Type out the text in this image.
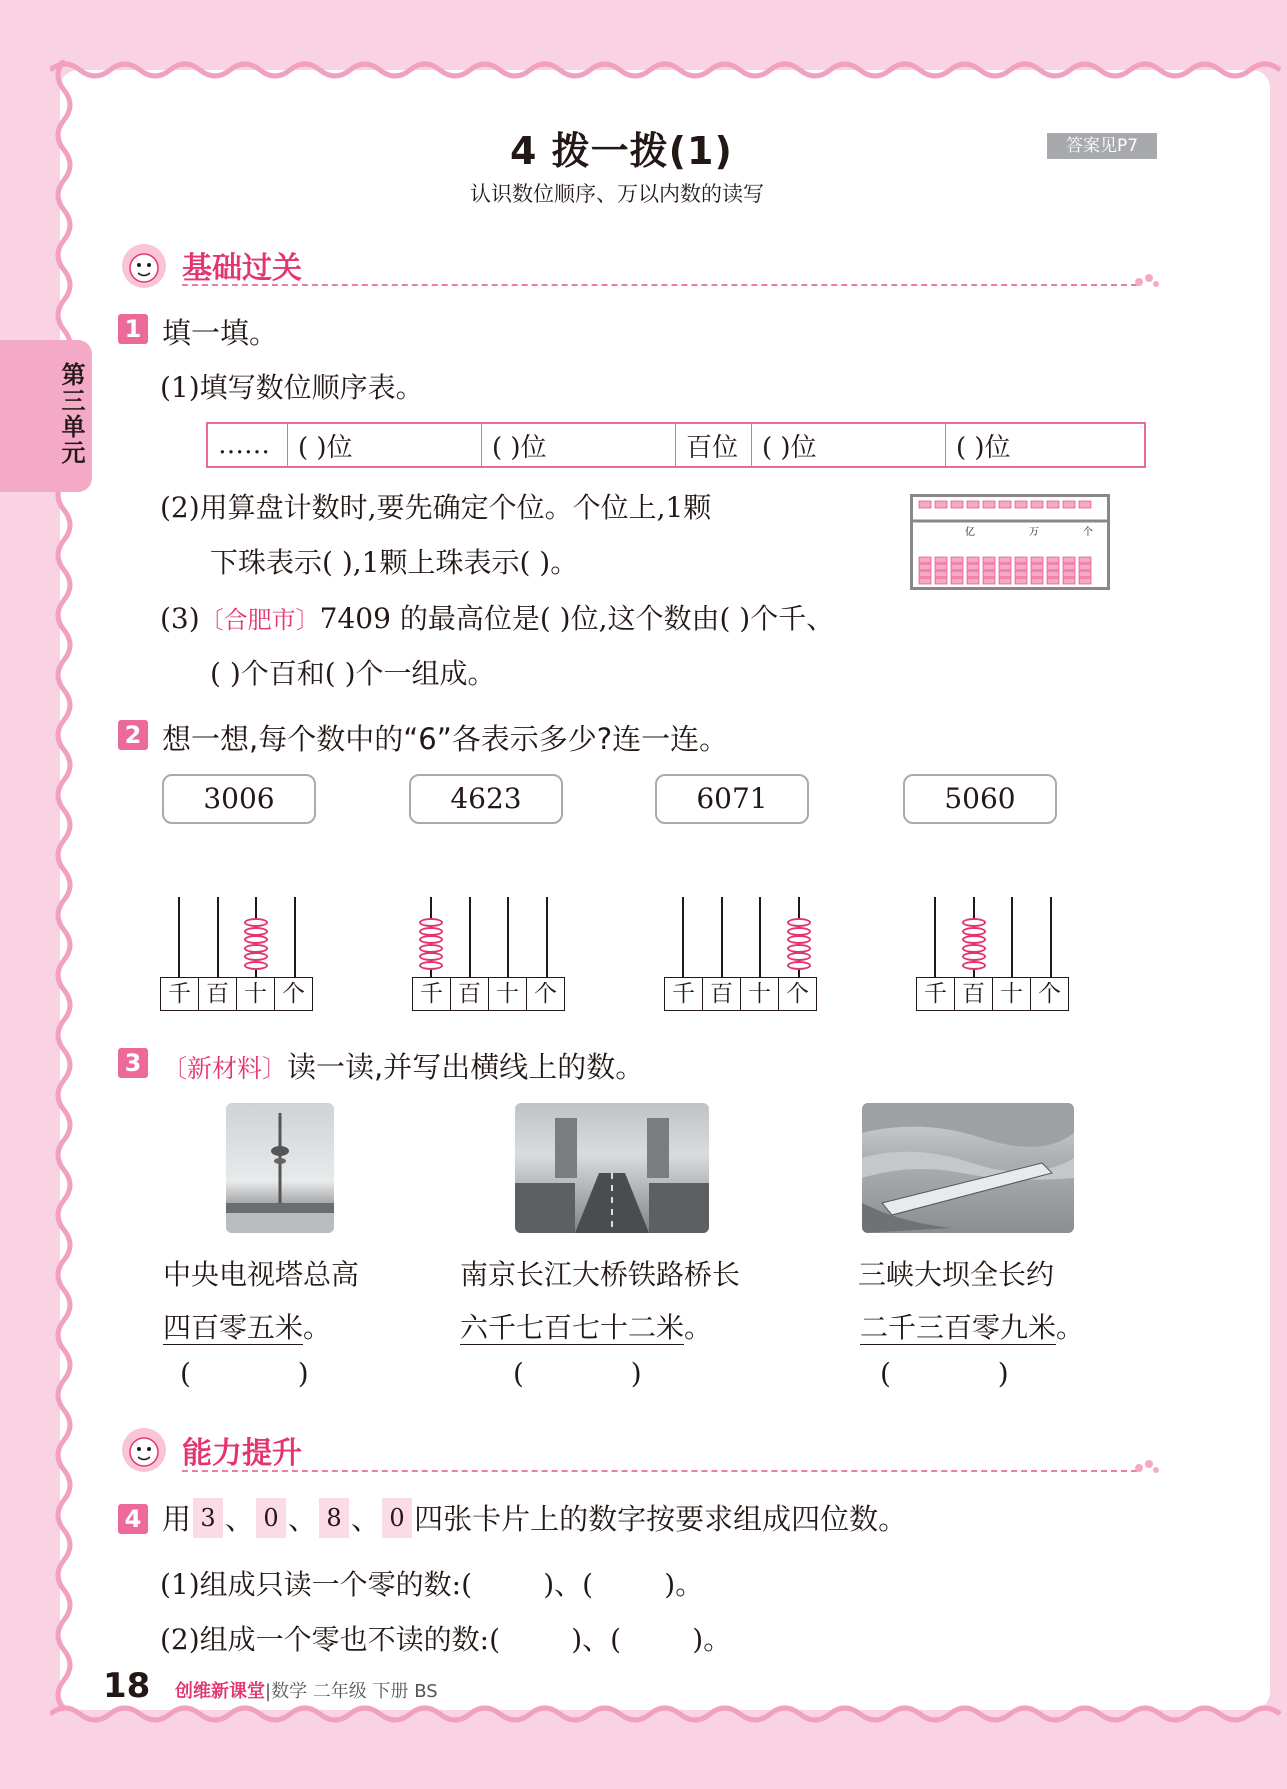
第三单元
4 拨一拨(1)
认识数位顺序、万以内数的读写
答案见P7
基础过关
1 填一填。
(1)填写数位顺序表。
……	( )位	( )位	百位 ( )位	( )位
(2)用算盘计数时,要先确定个位。个位上,1颗
下珠表示( ),1颗上珠表示( )。
亿	万	个
(3)〔合肥市〕7409 的最高位是( )位,这个数由( )个千、
( )个百和( )个一组成。
2 想一想,每个数中的“6”各表示多少?连一连。
3006	4623	6071	5060
千 百 十 个	千 百 十 个	千 百 十 个	千 百 十 个
3 〔新材料〕读一读,并写出横线上的数。
中央电视塔总高
四百零五米。
(            )
南京长江大桥铁路桥长
六千七百七十二米。
(            )
三峡大坝全长约
二千三百零九米。
(            )
能力提升
4 用 3 、 0 、 8 、 0 四张卡片上的数字按要求组成四位数。
(1)组成只读一个零的数:(        )、(        )。
(2)组成一个零也不读的数:(        )、(        )。
18 创维新课堂|数学 二年级 下册 BS
